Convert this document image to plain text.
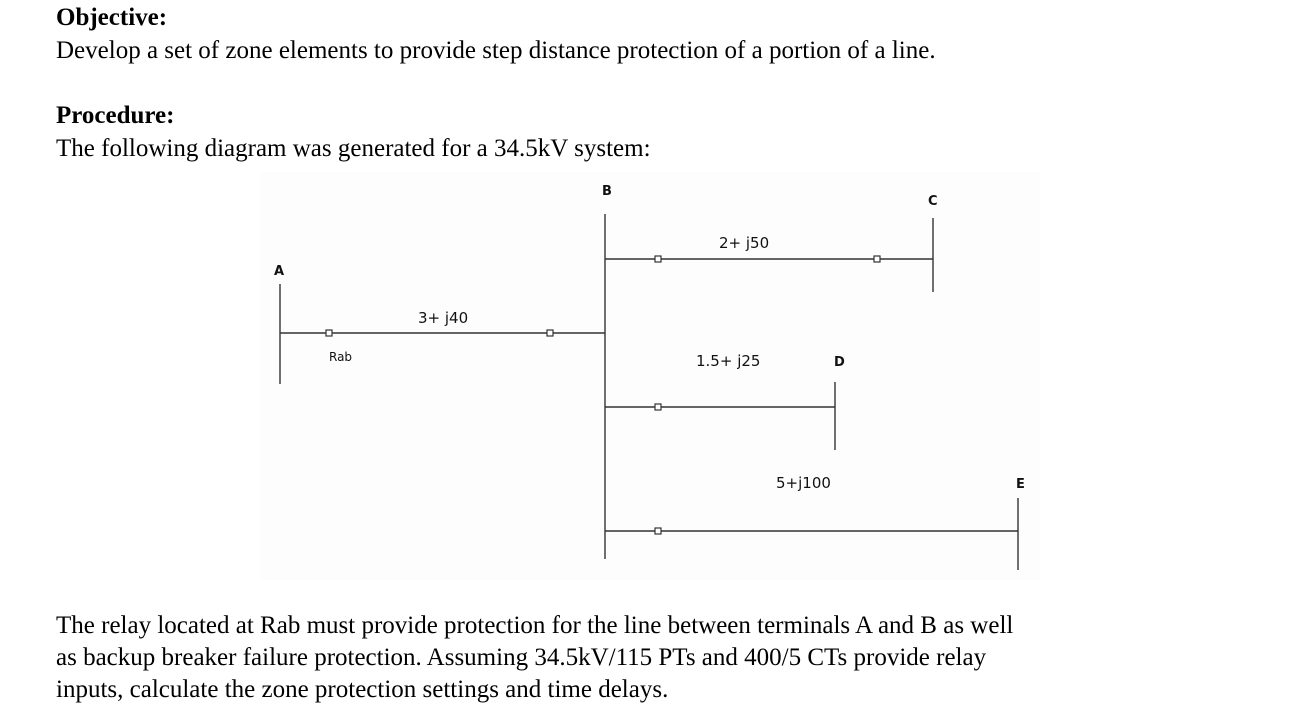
Objective:

Develop a set of zone elements to provide step distance protection of a portion of a line.

Procedure:

The following diagram was generated for a 34.5kV system:

A
Rab
3+ j40
B
2+ j50
C
1.5+ j25	D
5+j100	E

The relay located at Rab must provide protection for the line between terminals A and B as well
as backup breaker failure protection. Assuming 34.5kV/115 PTs and 400/5 CTs provide relay
inputs, calculate the zone protection settings and time delays.
